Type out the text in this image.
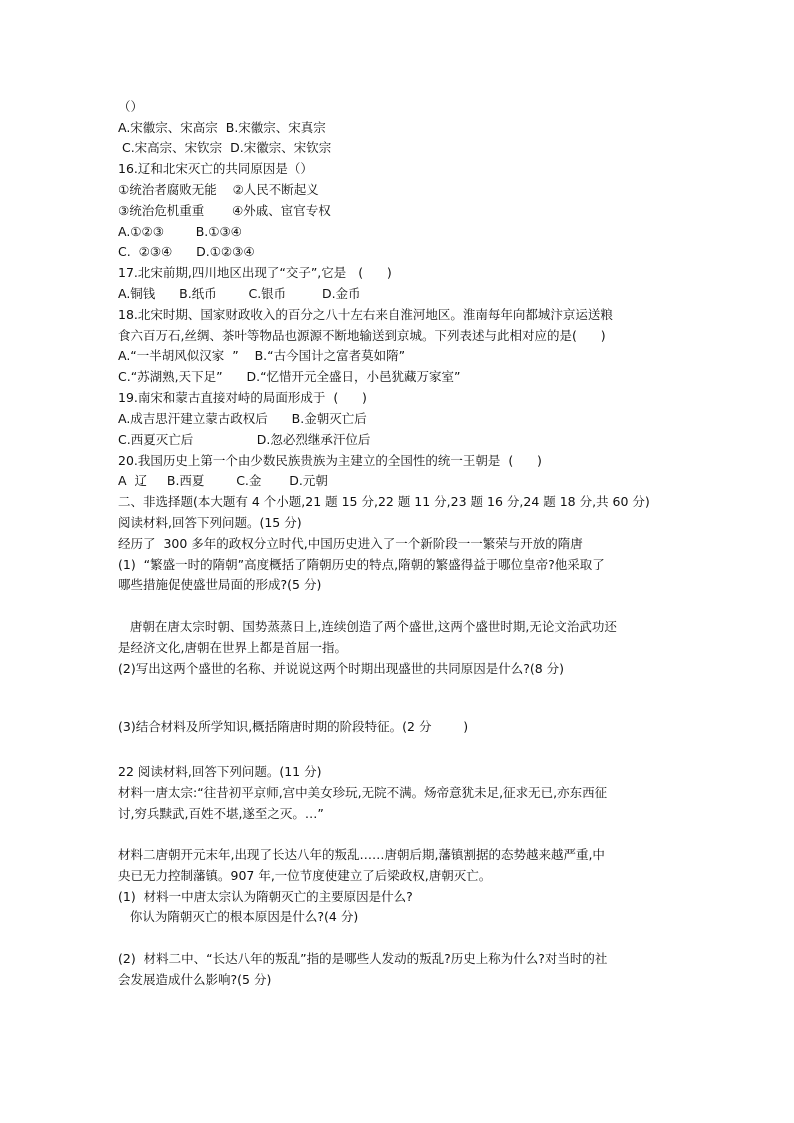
（）
A.宋徽宗、宋高宗  B.宋徽宗、宋真宗
C.宋高宗、宋钦宗  D.宋徽宗、宋钦宗
16.辽和北宋灭亡的共同原因是（）
①统治者腐败无能    ②人民不断起义
③统治危机重重       ④外戚、宦官专权
A.①②③        B.①③④
C.  ②③④      D.①②③④
17.北宋前期,四川地区出现了“交子”,它是   (      )
A.铜钱      B.纸币        C.银币         D.金币
18.北宋时期、国家财政收入的百分之八十左右来自淮河地区。淮南每年向都城汴京运送粮
食六百万石,丝绸、茶叶等物品也源源不断地输送到京城。下列表述与此相对应的是(      )
A.“一半胡风似汉家  ”    B.“古今国计之富者莫如隋”
C.“苏湖熟,天下足”      D.“忆惜开元全盛日，小邑犹藏万家室”
19.南宋和蒙古直接对峙的局面形成于  (      )
A.成吉思汗建立蒙古政权后      B.金朝灭亡后
C.西夏灭亡后                D.忽必烈继承汗位后
20.我国历史上第一个由少数民族贵族为主建立的全国性的统一王朝是  (      )
A  辽     B.西夏        C.金       D.元朝
二、非选择题(本大题有 4 个小题,21 题 15 分,22 题 11 分,23 题 16 分,24 题 18 分,共 60 分)
阅读材料,回答下列问题。(15 分)
经历了  300 多年的政权分立时代,中国历史进入了一个新阶段一一繁荣与开放的隋唐
(1)  “繁盛一时的隋朝”高度概括了隋朝历史的特点,隋朝的繁盛得益于哪位皇帝?他采取了
哪些措施促使盛世局面的形成?(5 分)
唐朝在唐太宗时朝、国势蒸蒸日上,连续创造了两个盛世,这两个盛世时期,无论文治武功还
是经济文化,唐朝在世界上都是首屈一指。
(2)写出这两个盛世的名称、并说说这两个时期出现盛世的共同原因是什么?(8 分)
(3)结合材料及所学知识,概括隋唐时期的阶段特征。(2 分        )
22 阅读材料,回答下列问题。(11 分)
材料一唐太宗:“往昔初平京师,宫中美女珍玩,无院不满。炀帝意犹未足,征求无已,亦东西征
讨,穷兵黩武,百姓不堪,遂至之灭。…”
材料二唐朝开元末年,出现了长达八年的叛乱……唐朝后期,藩镇割据的态势越来越严重,中
央已无力控制藩镇。907 年,一位节度使建立了后梁政权,唐朝灭亡。
(1)  材料一中唐太宗认为隋朝灭亡的主要原因是什么?
你认为隋朝灭亡的根本原因是什么?(4 分)
(2)  材料二中、“长达八年的叛乱”指的是哪些人发动的叛乱?历史上称为什么?对当时的社
会发展造成什么影响?(5 分)
